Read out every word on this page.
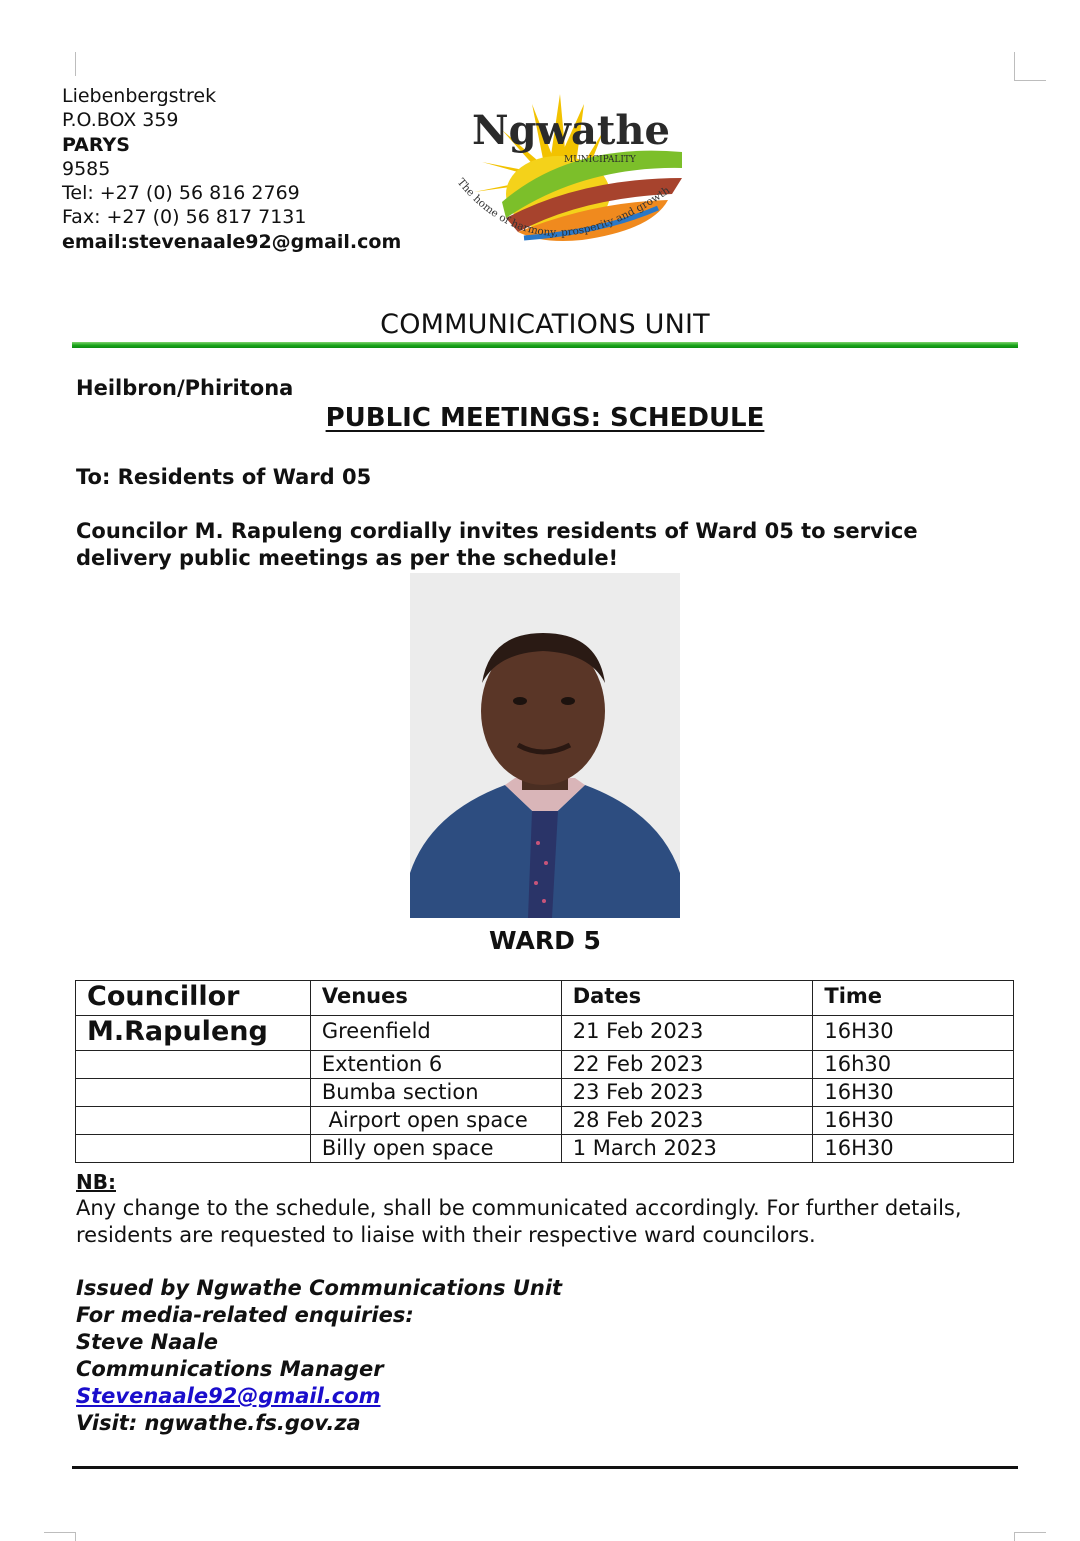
Liebenbergstrek
P.O.BOX 359
PARYS
9585
Tel: +27 (0) 56 816 2769
Fax: +27 (0) 56 817 7131
email:stevenaale92@gmail.com
Ngwathe
MUNICIPALITY
The home of harmony, prosperity and growth
COMMUNICATIONS UNIT
Heilbron/Phiritona
PUBLIC MEETINGS: SCHEDULE
To: Residents of Ward 05
Councilor M. Rapuleng cordially invites residents of Ward 05 to service delivery public meetings as per the schedule!
WARD 5
Councillor	Venues	Dates	Time
M.Rapuleng	Greenfield	21 Feb 2023	16H30
	Extention 6	22 Feb 2023	16h30
	Bumba section	23 Feb 2023	16H30
	Airport open space	28 Feb 2023	16H30
	Billy open space	1 March 2023	16H30
NB:
Any change to the schedule, shall be communicated accordingly. For further details, residents are requested to liaise with their respective ward councilors.
Issued by Ngwathe Communications Unit
For media-related enquiries:
Steve Naale
Communications Manager
Stevenaale92@gmail.com
Visit: ngwathe.fs.gov.za
